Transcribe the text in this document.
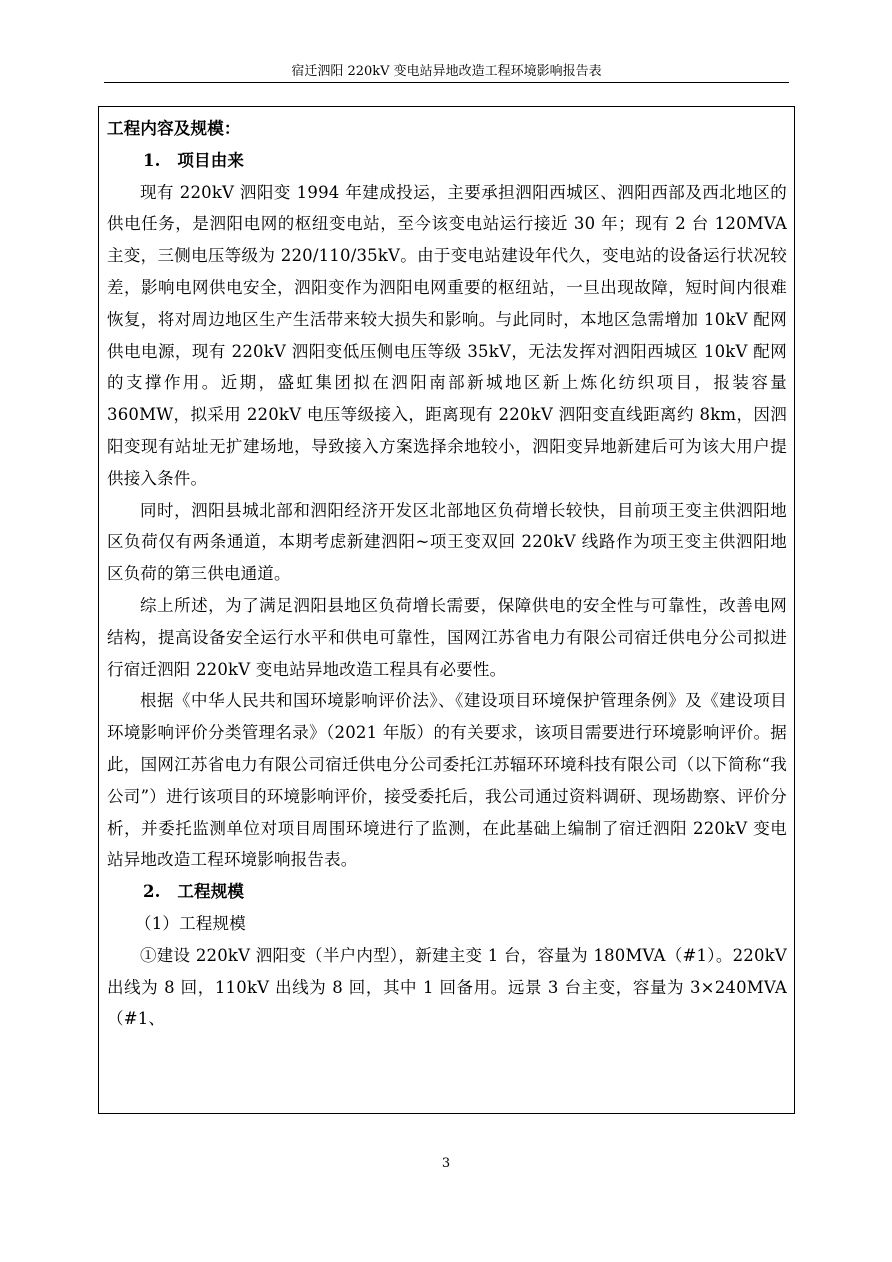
宿迁泗阳 220kV 变电站异地改造工程环境影响报告表

工程内容及规模：

1.　项目由来

现有 220kV 泗阳变 1994 年建成投运，主要承担泗阳西城区、泗阳西部及西北地区的供电任务，是泗阳电网的枢纽变电站，至今该变电站运行接近 30 年；现有 2 台 120MVA 主变，三侧电压等级为 220/110/35kV。由于变电站建设年代久，变电站的设备运行状况较差，影响电网供电安全，泗阳变作为泗阳电网重要的枢纽站，一旦出现故障，短时间内很难恢复，将对周边地区生产生活带来较大损失和影响。与此同时，本地区急需增加 10kV 配网供电电源，现有 220kV 泗阳变低压侧电压等级 35kV，无法发挥对泗阳西城区 10kV 配网的支撑作用。近期，盛虹集团拟在泗阳南部新城地区新上炼化纺织项目，报装容量 360MW，拟采用 220kV 电压等级接入，距离现有 220kV 泗阳变直线距离约 8km，因泗阳变现有站址无扩建场地，导致接入方案选择余地较小，泗阳变异地新建后可为该大用户提供接入条件。

同时，泗阳县城北部和泗阳经济开发区北部地区负荷增长较快，目前项王变主供泗阳地区负荷仅有两条通道，本期考虑新建泗阳~项王变双回 220kV 线路作为项王变主供泗阳地区负荷的第三供电通道。

综上所述，为了满足泗阳县地区负荷增长需要，保障供电的安全性与可靠性，改善电网结构，提高设备安全运行水平和供电可靠性，国网江苏省电力有限公司宿迁供电分公司拟进行宿迁泗阳 220kV 变电站异地改造工程具有必要性。

根据《中华人民共和国环境影响评价法》、《建设项目环境保护管理条例》及《建设项目环境影响评价分类管理名录》（2021 年版）的有关要求，该项目需要进行环境影响评价。据此，国网江苏省电力有限公司宿迁供电分公司委托江苏辐环环境科技有限公司（以下简称“我公司”）进行该项目的环境影响评价，接受委托后，我公司通过资料调研、现场勘察、评价分析，并委托监测单位对项目周围环境进行了监测，在此基础上编制了宿迁泗阳 220kV 变电站异地改造工程环境影响报告表。

2.　工程规模

（1）工程规模

①建设 220kV 泗阳变（半户内型），新建主变 1 台，容量为 180MVA（#1）。220kV 出线为 8 回，110kV 出线为 8 回，其中 1 回备用。远景 3 台主变，容量为 3×240MVA（#1、

3
